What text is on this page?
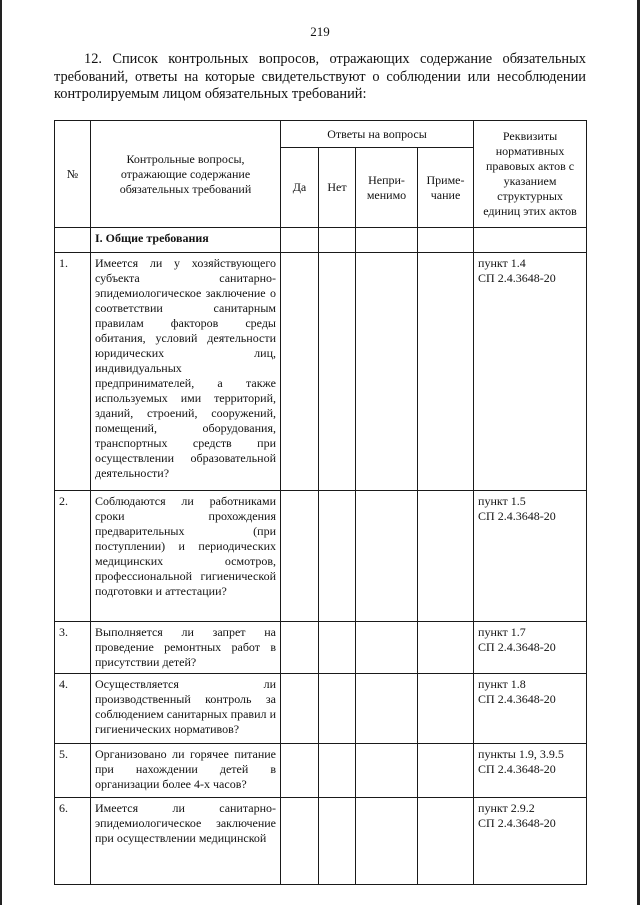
219
12. Список контрольных вопросов, отражающих содержание обязательных требований, ответы на которые свидетельствуют о соблюдении или несоблюдении контролируемым лицом обязательных требований:
№	Контрольные вопросы, отражающие содержание обязательных требований	Ответы на вопросы				Реквизиты нормативных правовых актов с указанием структурных единиц этих актов
		Да	Нет	Непри-менимо	Приме-чание	
	I. Общие требования					
1.	Имеется ли у хозяйствующего субъекта санитарно-эпидемиологическое заключение о соответствии санитарным правилам факторов среды обитания, условий деятельности юридических лиц, индивидуальных предпринимателей, а также используемых ими территорий, зданий, строений, сооружений, помещений, оборудования, транспортных средств при осуществлении образовательной деятельности?					пункт 1.4
СП 2.4.3648-20

2.	Соблюдаются ли работниками сроки прохождения предварительных (при поступлении) и периодических медицинских осмотров, профессиональной гигиенической подготовки и аттестации?					пункт 1.5
СП 2.4.3648-20

3.	Выполняется ли запрет на проведение ремонтных работ в присутствии детей?					пункт 1.7
СП 2.4.3648-20

4.	Осуществляется ли производственный контроль за соблюдением санитарных правил и гигиенических нормативов?					пункт 1.8
СП 2.4.3648-20

5.	Организовано ли горячее питание при нахождении детей в организации более 4-х часов?					пункты 1.9, 3.9.5
СП 2.4.3648-20

6.	Имеется ли санитарно-эпидемиологическое заключение при осуществлении медицинской					пункт 2.9.2
СП 2.4.3648-20
